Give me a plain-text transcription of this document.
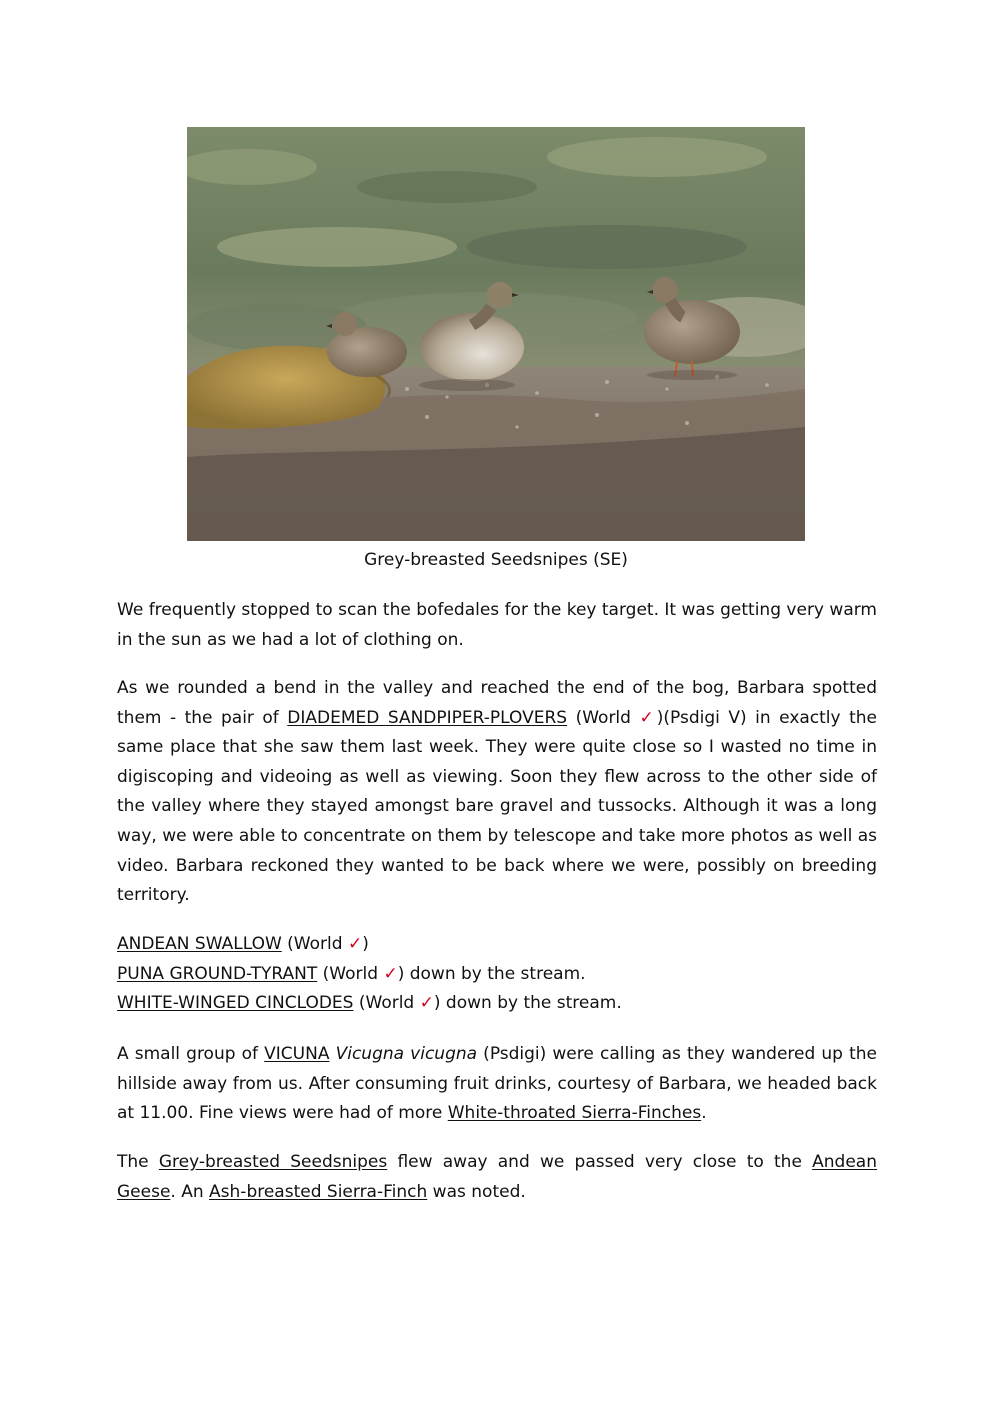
Grey-breasted Seedsnipes (SE)
We frequently stopped to scan the bofedales for the key target. It was getting very warm in the sun as we had a lot of clothing on.
As we rounded a bend in the valley and reached the end of the bog, Barbara spotted them - the pair of DIADEMED SANDPIPER-PLOVERS (World ✓)(Psdigi V) in exactly the same place that she saw them last week. They were quite close so I wasted no time in digiscoping and videoing as well as viewing. Soon they flew across to the other side of the valley where they stayed amongst bare gravel and tussocks. Although it was a long way, we were able to concentrate on them by telescope and take more photos as well as video. Barbara reckoned they wanted to be back where we were, possibly on breeding territory.
ANDEAN SWALLOW (World ✓)
PUNA GROUND-TYRANT (World ✓) down by the stream.
WHITE-WINGED CINCLODES (World ✓) down by the stream.
A small group of VICUNA Vicugna vicugna (Psdigi) were calling as they wandered up the hillside away from us. After consuming fruit drinks, courtesy of Barbara, we headed back at 11.00. Fine views were had of more White-throated Sierra-Finches.
The Grey-breasted Seedsnipes flew away and we passed very close to the Andean Geese. An Ash-breasted Sierra-Finch was noted.
